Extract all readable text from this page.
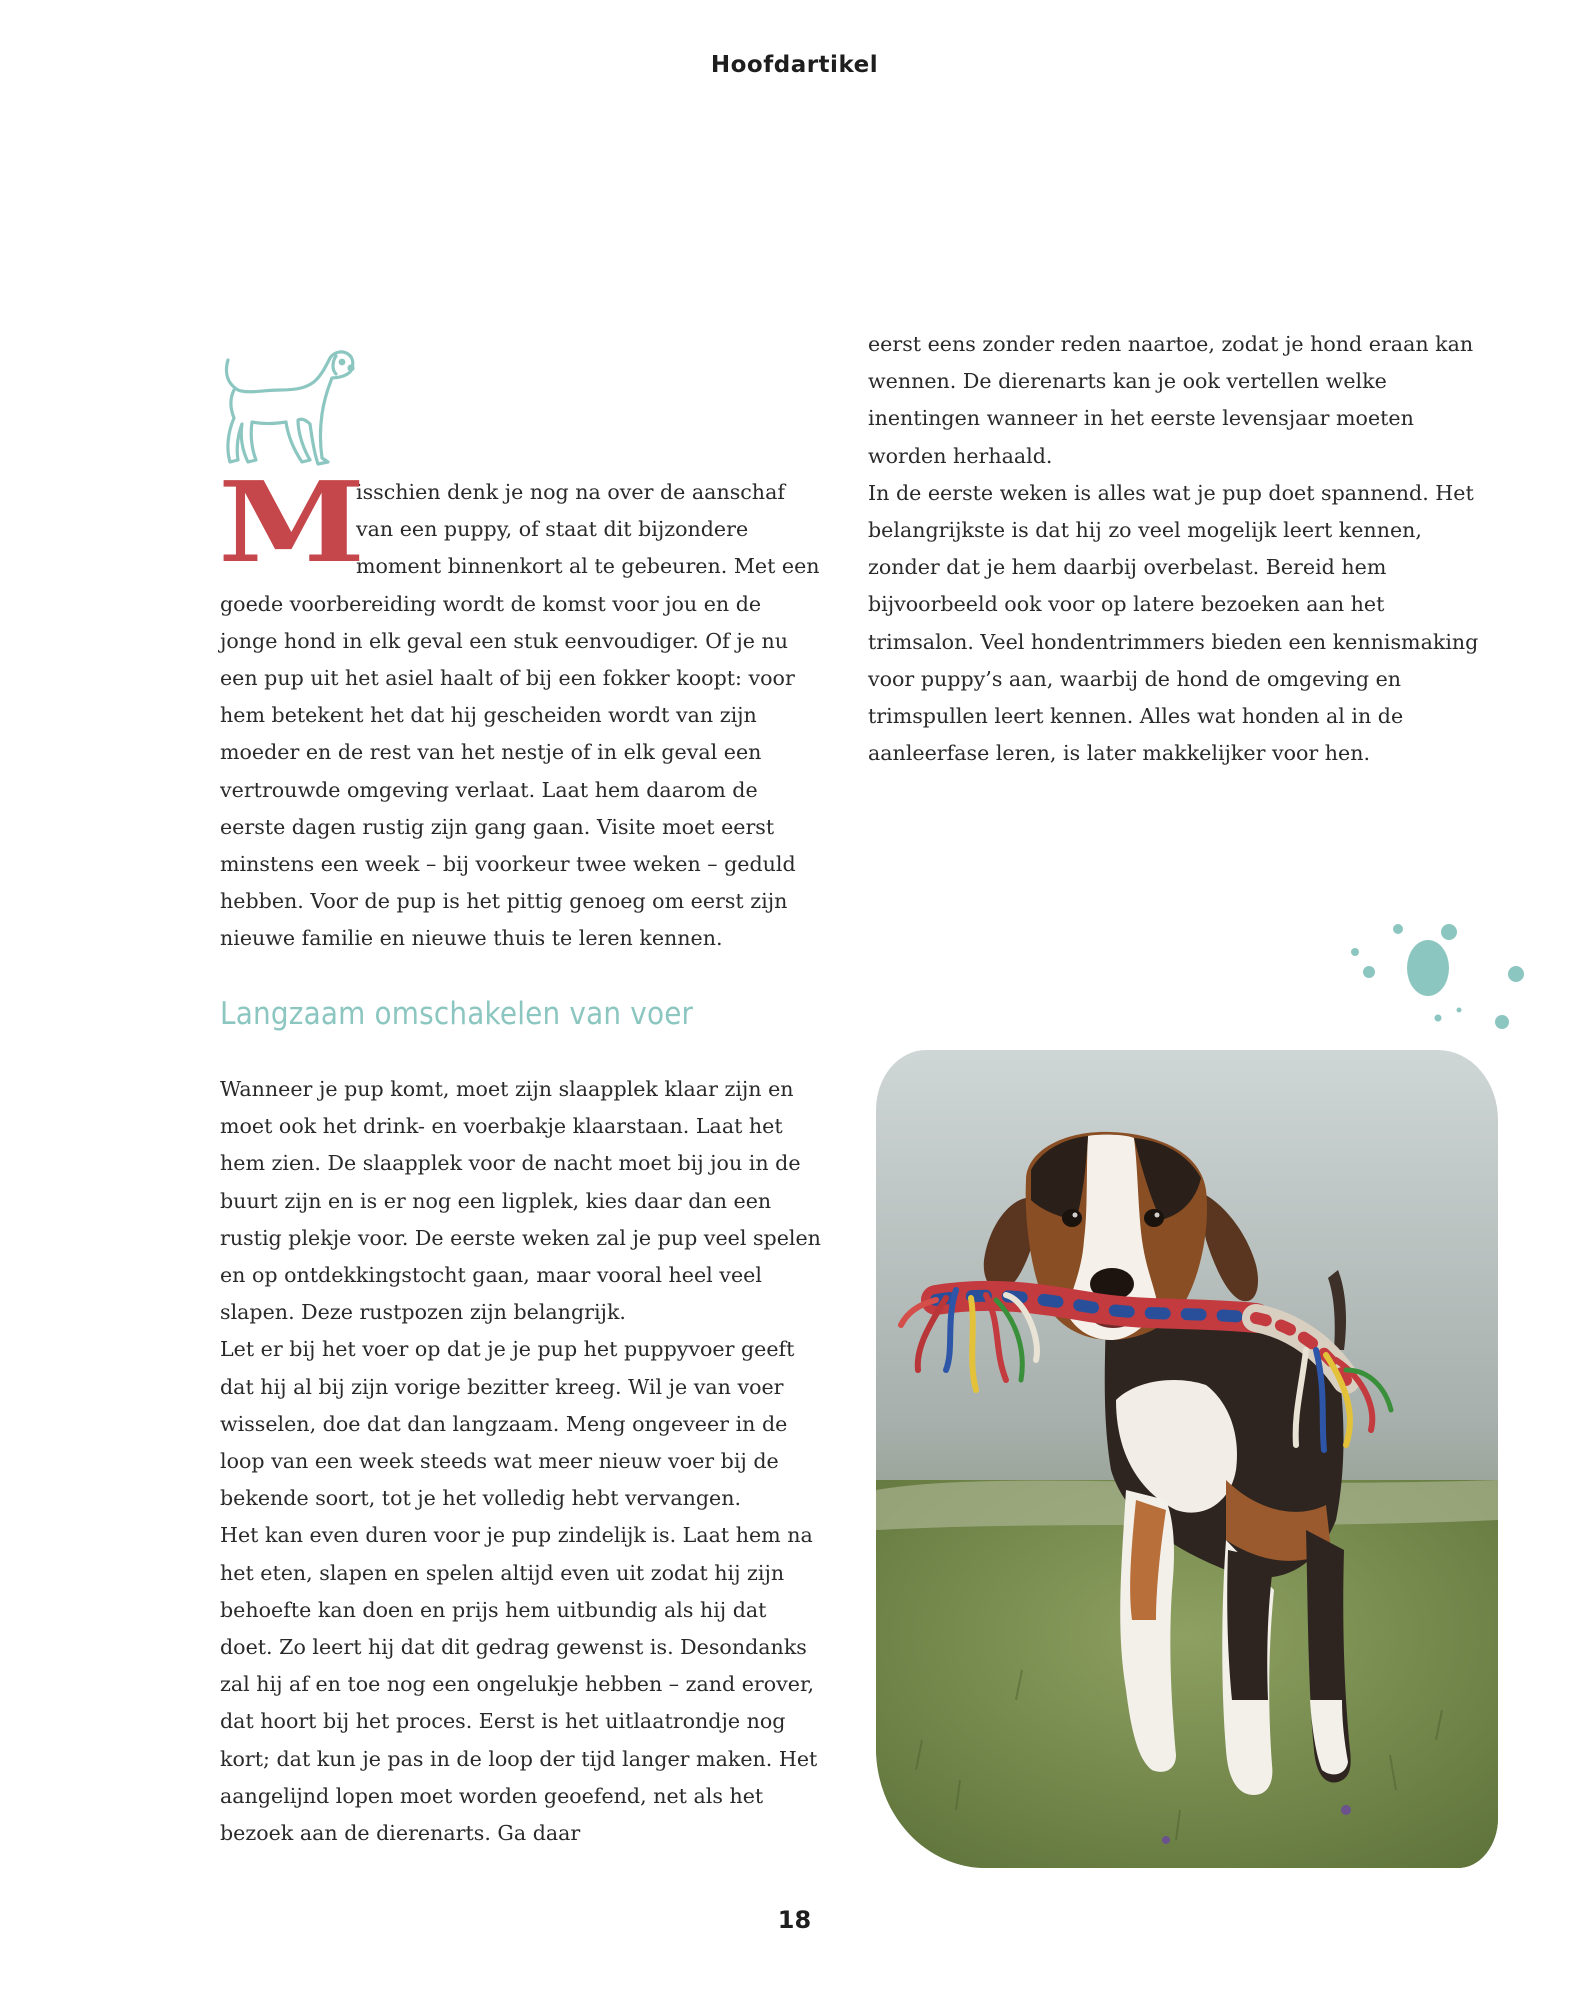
Hoofdartikel
M

isschien denk je nog na over de aanschaf van een puppy, of staat dit bijzondere moment binnenkort al te gebeuren. Met een goede voorbereiding wordt de komst voor jou en de jonge hond in elk geval een stuk eenvoudiger. Of je nu een pup uit het asiel haalt of bij een fokker koopt: voor hem betekent het dat hij gescheiden wordt van zijn moeder en de rest van het nestje of in elk geval een vertrouwde omgeving verlaat. Laat hem daarom de eerste dagen rustig zijn gang gaan. Visite moet eerst minstens een week – bij voorkeur twee weken – geduld hebben. Voor de pup is het pittig genoeg om eerst zijn nieuwe familie en nieuwe thuis te leren kennen.

Langzaam omschakelen van voer

Wanneer je pup komt, moet zijn slaapplek klaar zijn en moet ook het drink- en voerbakje klaarstaan. Laat het hem zien. De slaapplek voor de nacht moet bij jou in de buurt zijn en is er nog een ligplek, kies daar dan een rustig plekje voor. De eerste weken zal je pup veel spelen en op ontdekkingstocht gaan, maar vooral heel veel slapen. Deze rustpozen zijn belangrijk.

Let er bij het voer op dat je je pup het puppyvoer geeft dat hij al bij zijn vorige bezitter kreeg. Wil je van voer wisselen, doe dat dan langzaam. Meng ongeveer in de loop van een week steeds wat meer nieuw voer bij de bekende soort, tot je het volledig hebt vervangen.

Het kan even duren voor je pup zindelijk is. Laat hem na het eten, slapen en spelen altijd even uit zodat hij zijn behoefte kan doen en prijs hem uitbundig als hij dat doet. Zo leert hij dat dit gedrag gewenst is. Desondanks zal hij af en toe nog een ongelukje hebben – zand erover, dat hoort bij het proces. Eerst is het uitlaatrondje nog kort; dat kun je pas in de loop der tijd langer maken. Het aangelijnd lopen moet worden geoefend, net als het bezoek aan de dierenarts. Ga daar

eerst eens zonder reden naartoe, zodat je hond eraan kan wennen. De dierenarts kan je ook vertellen welke inentingen wanneer in het eerste levensjaar moeten worden herhaald.

In de eerste weken is alles wat je pup doet spannend. Het belangrijkste is dat hij zo veel mogelijk leert kennen, zonder dat je hem daarbij overbelast. Bereid hem bijvoorbeeld ook voor op latere bezoeken aan het trimsalon. Veel hondentrimmers bieden een kennismaking voor puppy’s aan, waarbij de hond de omgeving en trimspullen leert kennen. Alles wat honden al in de aanleerfase leren, is later makkelijker voor hen.

18
